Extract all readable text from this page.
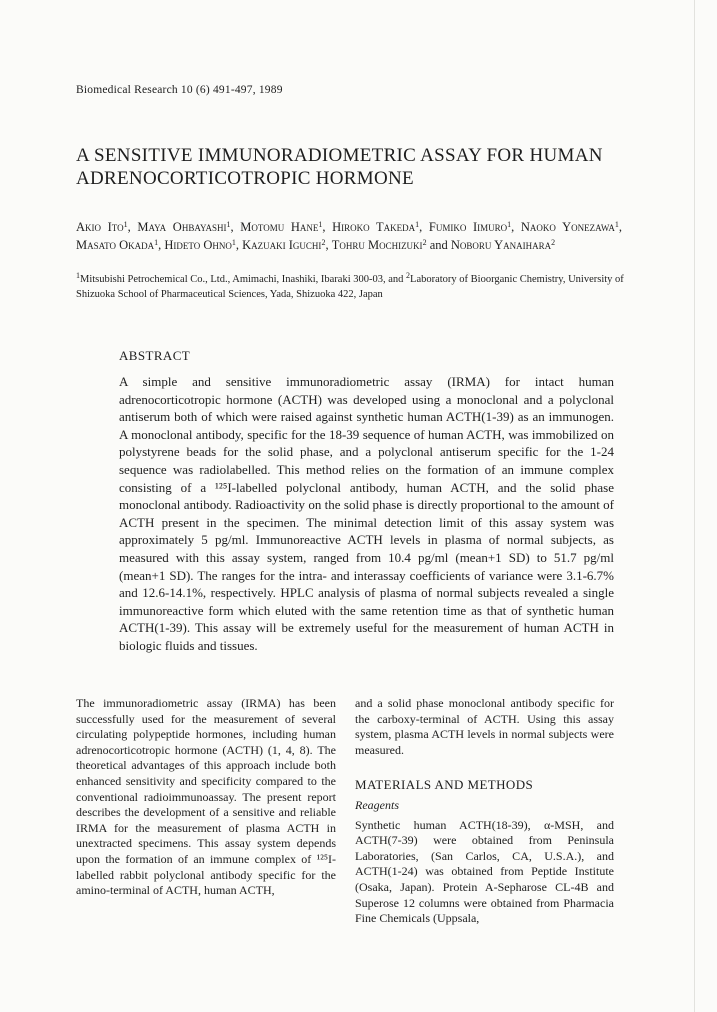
Biomedical Research 10 (6) 491-497, 1989
A SENSITIVE IMMUNORADIOMETRIC ASSAY FOR HUMAN ADRENOCORTICOTROPIC HORMONE
Akio Ito$^1$, Maya Ohbayashi$^1$, Motomu Hane$^1$, Hiroko Takeda$^1$, Fumiko Iimuro$^1$, Naoko Yonezawa$^1$, Masato Okada$^1$, Hideto Ohno$^1$, Kazuaki Iguchi$^2$, Tohru Mochizuki$^2$ and Noboru Yanaihara$^2$
$^1$Mitsubishi Petrochemical Co., Ltd., Amimachi, Inashiki, Ibaraki 300-03, and $^2$Laboratory of Bioorganic Chemistry, University of Shizuoka School of Pharmaceutical Sciences, Yada, Shizuoka 422, Japan
ABSTRACT

A simple and sensitive immunoradiometric assay (IRMA) for intact human adrenocorticotropic hormone (ACTH) was developed using a monoclonal and a polyclonal antiserum both of which were raised against synthetic human ACTH(1-39) as an immunogen. A monoclonal antibody, specific for the 18-39 sequence of human ACTH, was immobilized on polystyrene beads for the solid phase, and a polyclonal antiserum specific for the 1-24 sequence was radiolabelled. This method relies on the formation of an immune complex consisting of a ¹²⁵I-labelled polyclonal antibody, human ACTH, and the solid phase monoclonal antibody. Radioactivity on the solid phase is directly proportional to the amount of ACTH present in the specimen. The minimal detection limit of this assay system was approximately 5 pg/ml. Immunoreactive ACTH levels in plasma of normal subjects, as measured with this assay system, ranged from 10.4 pg/ml (mean+1 SD) to 51.7 pg/ml (mean+1 SD). The ranges for the intra- and interassay coefficients of variance were 3.1-6.7% and 12.6-14.1%, respectively. HPLC analysis of plasma of normal subjects revealed a single immunoreactive form which eluted with the same retention time as that of synthetic human ACTH(1-39). This assay will be extremely useful for the measurement of human ACTH in biologic fluids and tissues.

The immunoradiometric assay (IRMA) has been successfully used for the measurement of several circulating polypeptide hormones, including human adrenocorticotropic hormone (ACTH) (1, 4, 8). The theoretical advantages of this approach include both enhanced sensitivity and specificity compared to the conventional radioimmunoassay. The present report describes the development of a sensitive and reliable IRMA for the measurement of plasma ACTH in unextracted specimens. This assay system depends upon the formation of an immune complex of ¹²⁵I-labelled rabbit polyclonal antibody specific for the amino-terminal of ACTH, human ACTH,

and a solid phase monoclonal antibody specific for the carboxy-terminal of ACTH. Using this assay system, plasma ACTH levels in normal subjects were measured.

MATERIALS AND METHODS
Reagents

Synthetic human ACTH(18-39), α-MSH, and ACTH(7-39) were obtained from Peninsula Laboratories, (San Carlos, CA, U.S.A.), and ACTH(1-24) was obtained from Peptide Institute (Osaka, Japan). Protein A-Sepharose CL-4B and Superose 12 columns were obtained from Pharmacia Fine Chemicals (Uppsala,
